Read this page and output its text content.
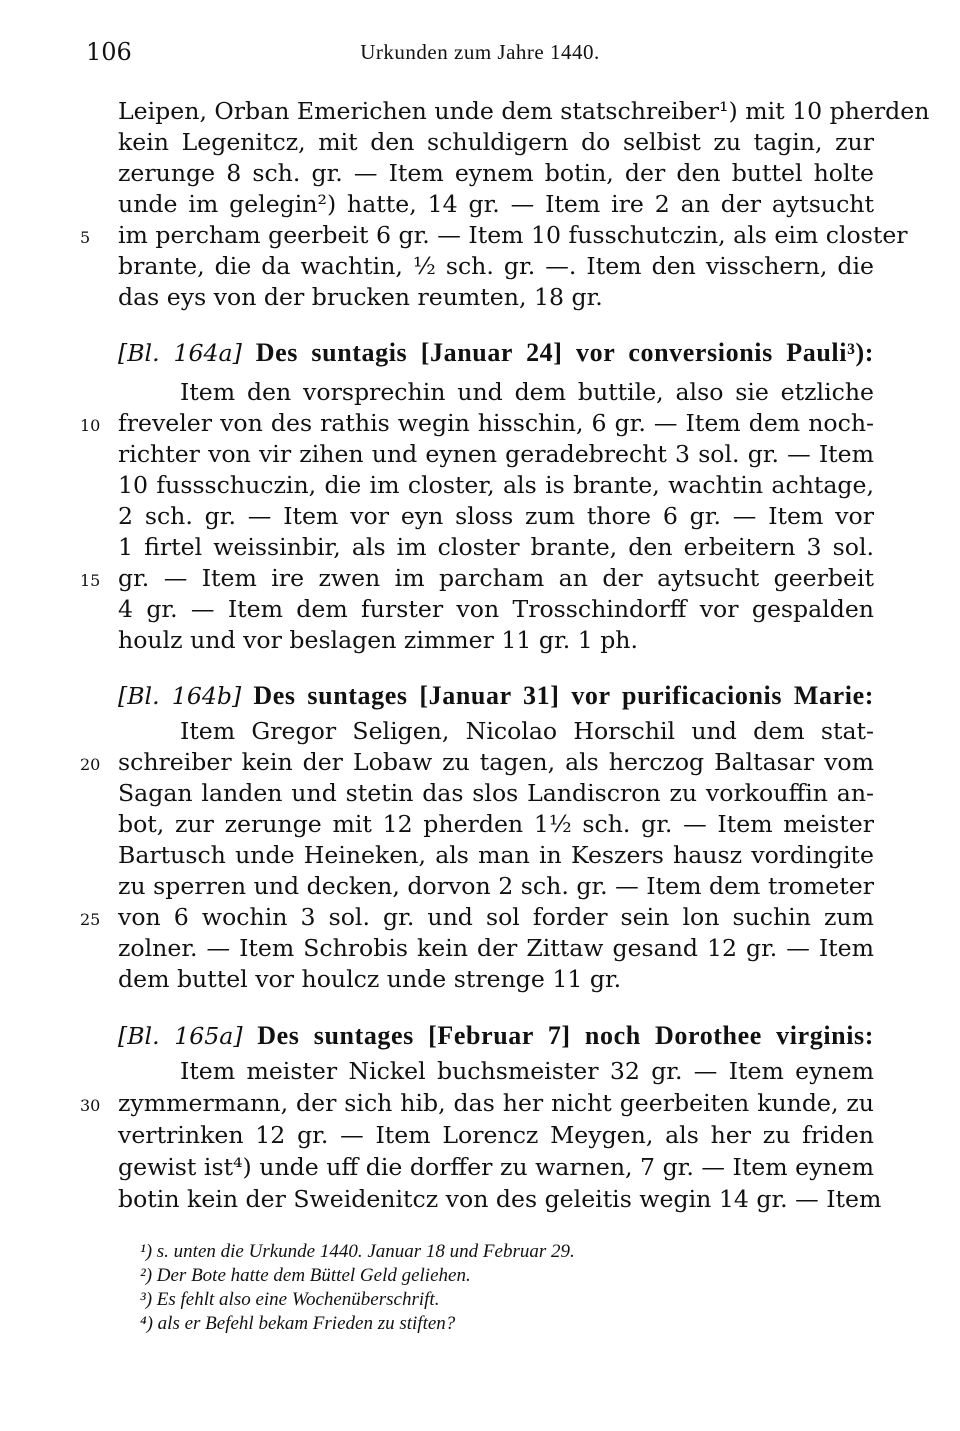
106	Urkunden zum Jahre 1440.
Leipen, Orban Emerichen unde dem statschreiber¹) mit 10 pherden
kein Legenitcz, mit den schuldigern do selbist zu tagin, zur
zerunge 8 sch. gr. — Item eynem botin, der den buttel holte
unde im gelegin²) hatte, 14 gr. — Item ire 2 an der aytsucht
im percham geerbeit 6 gr. — Item 10 fusschutczin, als eim closter
brante, die da wachtin, ½ sch. gr. —. Item den visschern, die
das eys von der brucken reumten, 18 gr.
[Bl. 164a] Des suntagis [Januar 24] vor conversionis Pauli³):
Item den vorsprechin und dem buttile, also sie etzliche
freveler von des rathis wegin hisschin, 6 gr. — Item dem noch-
richter von vir zihen und eynen geradebrecht 3 sol. gr. — Item
10 fussschuczin, die im closter, als is brante, wachtin achtage,
2 sch. gr. — Item vor eyn sloss zum thore 6 gr. — Item vor
1 firtel weissinbir, als im closter brante, den erbeitern 3 sol.
gr. — Item ire zwen im parcham an der aytsucht geerbeit
4 gr. — Item dem furster von Trosschindorff vor gespalden
houlz und vor beslagen zimmer 11 gr. 1 ph.
[Bl. 164b] Des suntages [Januar 31] vor purificacionis Marie:
Item Gregor Seligen, Nicolao Horschil und dem stat-
schreiber kein der Lobaw zu tagen, als herczog Baltasar vom
Sagan landen und stetin das slos Landiscron zu vorkouffin an-
bot, zur zerunge mit 12 pherden 1½ sch. gr. — Item meister
Bartusch unde Heineken, als man in Keszers hausz vordingite
zu sperren und decken, dorvon 2 sch. gr. — Item dem trometer
von 6 wochin 3 sol. gr. und sol forder sein lon suchin zum
zolner. — Item Schrobis kein der Zittaw gesand 12 gr. — Item
dem buttel vor houlcz unde strenge 11 gr.
[Bl. 165a] Des suntages [Februar 7] noch Dorothee virginis:
Item meister Nickel buchsmeister 32 gr. — Item eynem
zymmermann, der sich hib, das her nicht geerbeiten kunde, zu
vertrinken 12 gr. — Item Lorencz Meygen, als her zu friden
gewist ist⁴) unde uff die dorffer zu warnen, 7 gr. — Item eynem
botin kein der Sweidenitcz von des geleitis wegin 14 gr. — Item
5
10
15
20
25
30
¹) s. unten die Urkunde 1440. Januar 18 und Februar 29.
²) Der Bote hatte dem Büttel Geld geliehen.
³) Es fehlt also eine Wochenüberschrift.
⁴) als er Befehl bekam Frieden zu stiften?
